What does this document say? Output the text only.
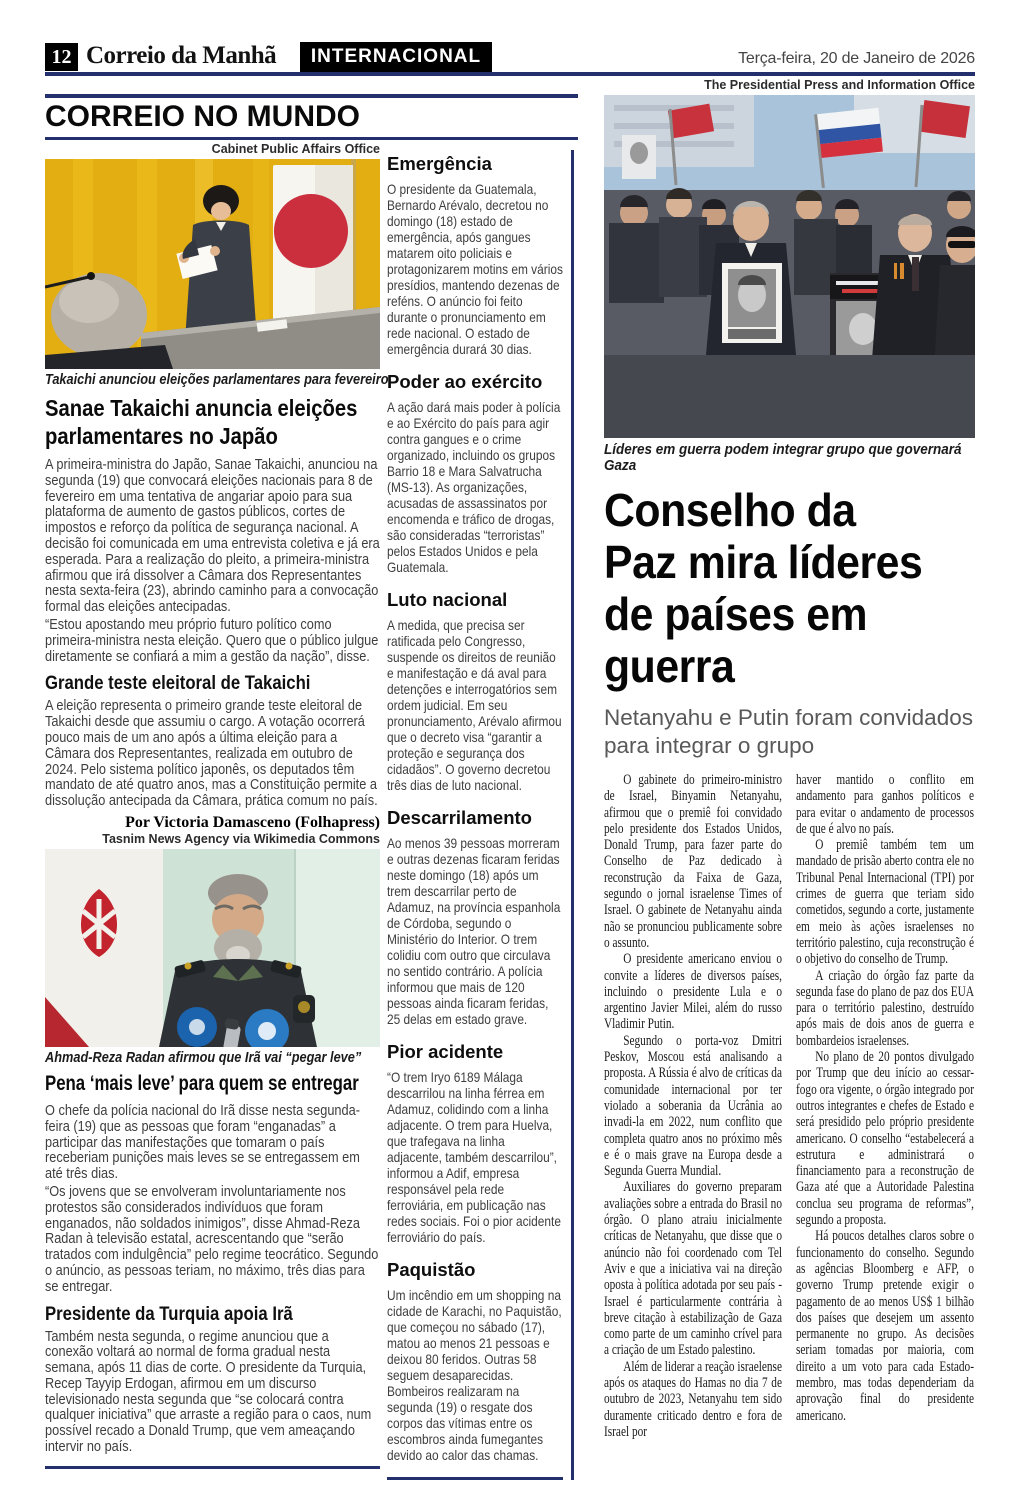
12 Correio da Manhã	INTERNACIONAL	Terça-feira, 20 de Janeiro de 2026
CORREIO NO MUNDO
Cabinet Public Affairs Office
Takaichi anunciou eleições parlamentares para fevereiro
Sanae Takaichi anuncia eleições
parlamentares no Japão

A primeira-ministra do Japão, Sanae Takaichi, anunciou na segunda (19) que convocará eleições nacionais para 8 de fevereiro em uma tentativa de angariar apoio para sua plataforma de aumento de gastos públicos, cortes de impostos e reforço da política de segurança nacional. A decisão foi comunicada em uma entrevista coletiva e já era esperada. Para a realização do pleito, a primeira-ministra afirmou que irá dissolver a Câmara dos Representantes nesta sexta-feira (23), abrindo caminho para a convocação formal das eleições antecipadas.

“Estou apostando meu próprio futuro político como primeira-ministra nesta eleição. Quero que o público julgue diretamente se confiará a mim a gestão da nação”, disse.

Grande teste eleitoral de Takaichi

A eleição representa o primeiro grande teste eleitoral de Takaichi desde que assumiu o cargo. A votação ocorrerá pouco mais de um ano após a última eleição para a Câmara dos Representantes, realizada em outubro de 2024. Pelo sistema político japonês, os deputados têm mandato de até quatro anos, mas a Constituição permite a dissolução antecipada da Câmara, prática comum no país.

Por Victoria Damasceno (Folhapress)
Tasnim News Agency via Wikimedia Commons
Ahmad-Reza Radan afirmou que Irã vai “pegar leve”
Pena ‘mais leve’ para quem se entregar

O chefe da polícia nacional do Irã disse nesta segunda-feira (19) que as pessoas que foram “enganadas” a participar das manifestações que tomaram o país receberiam punições mais leves se se entregassem em até três dias.

“Os jovens que se envolveram involuntariamente nos protestos são considerados indivíduos que foram enganados, não soldados inimigos”, disse Ahmad-Reza Radan à televisão estatal, acrescentando que “serão tratados com indulgência” pelo regime teocrático. Segundo o anúncio, as pessoas teriam, no máximo, três dias para se entregar.

Presidente da Turquia apoia Irã

Também nesta segunda, o regime anunciou que a conexão voltará ao normal de forma gradual nesta semana, após 11 dias de corte. O presidente da Turquia, Recep Tayyip Erdogan, afirmou em um discurso televisionado nesta segunda que “se colocará contra qualquer iniciativa” que arraste a região para o caos, num possível recado a Donald Trump, que vem ameaçando intervir no país.

Emergência

O presidente da Guatemala, Bernardo Arévalo, decretou no domingo (18) estado de emergência, após gangues matarem oito policiais e protagonizarem motins em vários presídios, mantendo dezenas de reféns. O anúncio foi feito durante o pronunciamento em rede nacional. O estado de emergência durará 30 dias.

Poder ao exército

A ação dará mais poder à polícia e ao Exército do país para agir contra gangues e o crime organizado, incluindo os grupos Barrio 18 e Mara Salvatrucha (MS-13). As organizações, acusadas de assassinatos por encomenda e tráfico de drogas, são consideradas “terroristas” pelos Estados Unidos e pela Guatemala.

Luto nacional

A medida, que precisa ser ratificada pelo Congresso, suspende os direitos de reunião e manifestação e dá aval para detenções e interrogatórios sem ordem judicial. Em seu pronunciamento, Arévalo afirmou que o decreto visa “garantir a proteção e segurança dos cidadãos”. O governo decretou três dias de luto nacional.

Descarrilamento

Ao menos 39 pessoas morreram e outras dezenas ficaram feridas neste domingo (18) após um trem descarrilar perto de Adamuz, na província espanhola de Córdoba, segundo o Ministério do Interior. O trem colidiu com outro que circulava no sentido contrário. A polícia informou que mais de 120 pessoas ainda ficaram feridas, 25 delas em estado grave.

Pior acidente

“O trem Iryo 6189 Málaga descarrilou na linha férrea em Adamuz, colidindo com a linha adjacente. O trem para Huelva, que trafegava na linha adjacente, também descarrilou”, informou a Adif, empresa responsável pela rede ferroviária, em publicação nas redes sociais. Foi o pior acidente ferroviário do país.

Paquistão

Um incêndio em um shopping na cidade de Karachi, no Paquistão, que começou no sábado (17), matou ao menos 21 pessoas e deixou 80 feridos. Outras 58 seguem desaparecidas. Bombeiros realizaram na segunda (19) o resgate dos corpos das vítimas entre os escombros ainda fumegantes devido ao calor das chamas.

The Presidential Press and Information Office
Líderes em guerra podem integrar grupo que governará Gaza
Conselho da
Paz mira líderes
de países em
guerra
Netanyahu e Putin foram convidados para integrar o grupo

O gabinete do primeiro-ministro de Israel, Binyamin Netanyahu, afirmou que o premiê foi convidado pelo presidente dos Estados Unidos, Donald Trump, para fazer parte do Conselho de Paz dedicado à reconstrução da Faixa de Gaza, segundo o jornal israelense Times of Israel. O gabinete de Netanyahu ainda não se pronunciou publicamente sobre o assunto.

O presidente americano enviou o convite a líderes de diversos países, incluindo o presidente Lula e o argentino Javier Milei, além do russo Vladimir Putin.

Segundo o porta-voz Dmitri Peskov, Moscou está analisando a proposta. A Rússia é alvo de críticas da comunidade internacional por ter violado a soberania da Ucrânia ao invadi-la em 2022, num conflito que completa quatro anos no próximo mês e é o mais grave na Europa desde a Segunda Guerra Mundial.

Auxiliares do governo preparam avaliações sobre a entrada do Brasil no órgão. O plano atraiu inicialmente críticas de Netanyahu, que disse que o anúncio não foi coordenado com Tel Aviv e que a iniciativa vai na direção oposta à política adotada por seu país -Israel é particularmente contrária à breve citação à estabilização de Gaza como parte de um caminho crível para a criação de um Estado palestino.

Além de liderar a reação israelense após os ataques do Hamas no dia 7 de outubro de 2023, Netanyahu tem sido duramente criticado dentro e fora de Israel por

haver mantido o conflito em andamento para ganhos políticos e para evitar o andamento de processos de que é alvo no país.

O premiê também tem um mandado de prisão aberto contra ele no Tribunal Penal Internacional (TPI) por crimes de guerra que teriam sido cometidos, segundo a corte, justamente em meio às ações israelenses no território palestino, cuja reconstrução é o objetivo do conselho de Trump.

A criação do órgão faz parte da segunda fase do plano de paz dos EUA para o território palestino, destruído após mais de dois anos de guerra e bombardeios israelenses.

No plano de 20 pontos divulgado por Trump que deu início ao cessar-fogo ora vigente, o órgão integrado por outros integrantes e chefes de Estado e será presidido pelo próprio presidente americano. O conselho “estabelecerá a estrutura e administrará o financiamento para a reconstrução de Gaza até que a Autoridade Palestina conclua seu programa de reformas”, segundo a proposta.

Há poucos detalhes claros sobre o funcionamento do conselho. Segundo as agências Bloomberg e AFP, o governo Trump pretende exigir o pagamento de ao menos US$ 1 bilhão dos países que desejem um assento permanente no grupo. As decisões seriam tomadas por maioria, com direito a um voto para cada Estado-membro, mas todas dependeriam da aprovação final do presidente americano.
